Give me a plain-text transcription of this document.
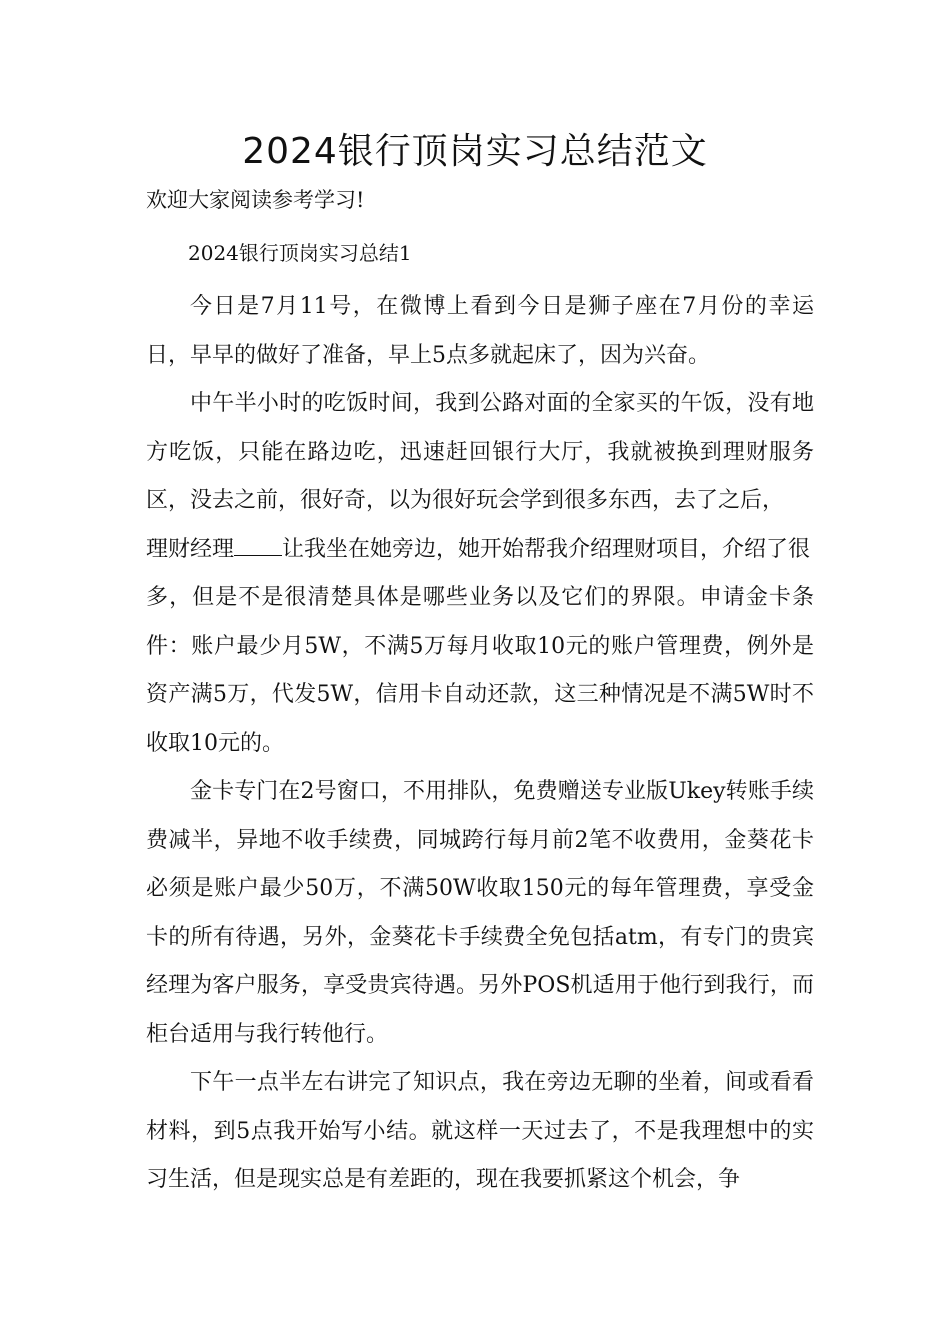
2024银行顶岗实习总结范文

欢迎大家阅读参考学习!

2024银行顶岗实习总结1

今日是7月11号，在微博上看到今日是狮子座在7月份的幸运日，早早的做好了准备，早上5点多就起床了，因为兴奋。

中午半小时的吃饭时间，我到公路对面的全家买的午饭，没有地方吃饭，只能在路边吃，迅速赶回银行大厅，我就被换到理财服务区，没去之前，很好奇，以为很好玩会学到很多东西，去了之后，
理财经理 让我坐在她旁边，她开始帮我介绍理财项目，介绍了很
多，但是不是很清楚具体是哪些业务以及它们的界限。申请金卡条件：账户最少月5W，不满5万每月收取10元的账户管理费，例外是资产满5万，代发5W，信用卡自动还款，这三种情况是不满5W时不收取10元的。

金卡专门在2号窗口，不用排队，免费赠送专业版Ukey转账手续费减半，异地不收手续费，同城跨行每月前2笔不收费用，金葵花卡必须是账户最少50万，不满50W收取150元的每年管理费，享受金卡的所有待遇，另外，金葵花卡手续费全免包括atm，有专门的贵宾经理为客户服务，享受贵宾待遇。另外POS机适用于他行到我行，而柜台适用与我行转他行。

下午一点半左右讲完了知识点，我在旁边无聊的坐着，间或看看材料，到5点我开始写小结。就这样一天过去了，不是我理想中的实习生活，但是现实总是有差距的，现在我要抓紧这个机会，争
